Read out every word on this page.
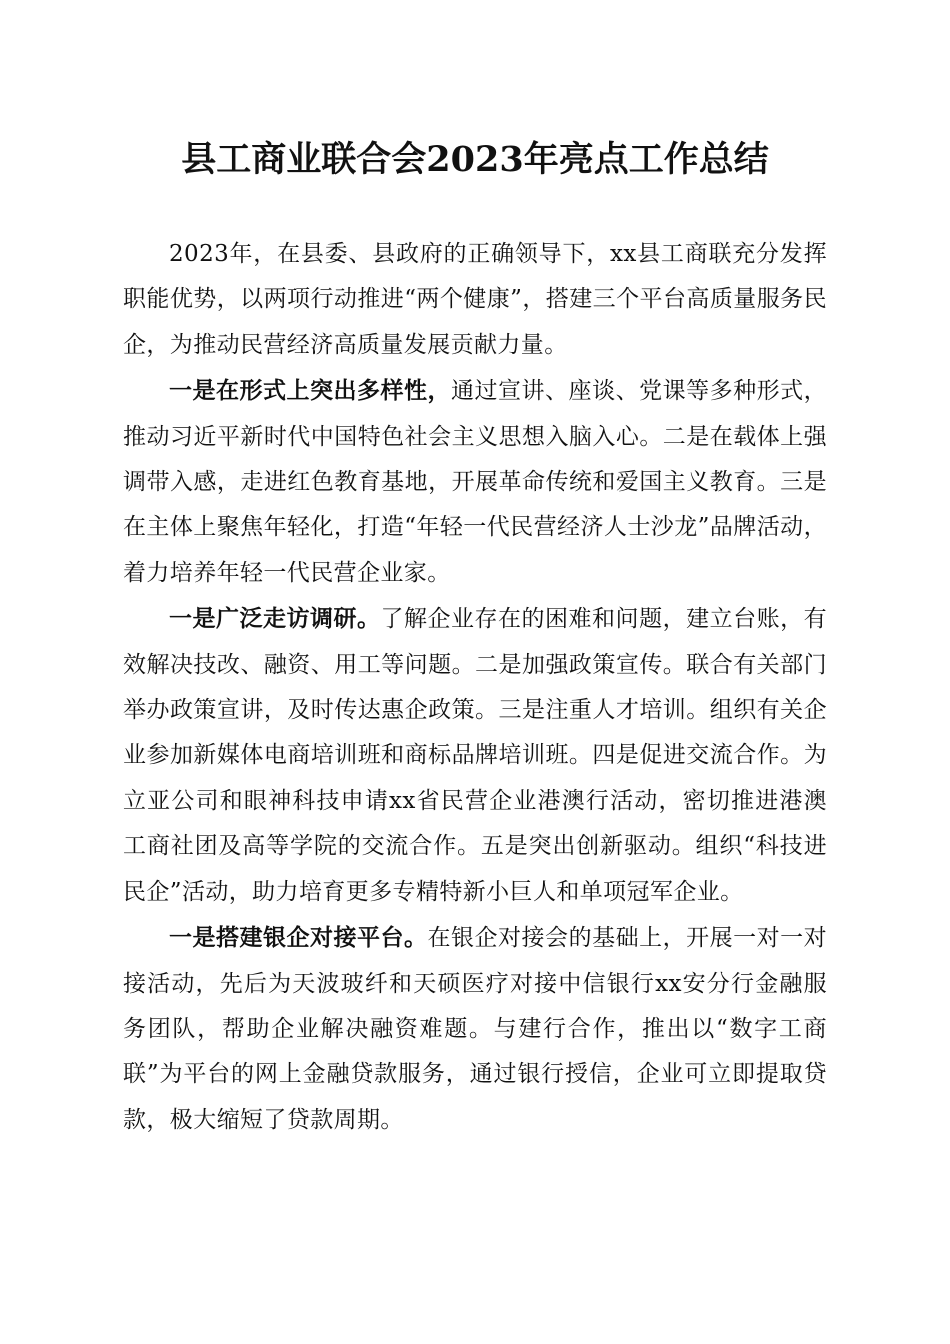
县工商业联合会2023年亮点工作总结

2023年，在县委、县政府的正确领导下，xx县工商联充分发挥职能优势，以两项行动推进“两个健康”，搭建三个平台高质量服务民企，为推动民营经济高质量发展贡献力量。

一是在形式上突出多样性，通过宣讲、座谈、党课等多种形式，推动习近平新时代中国特色社会主义思想入脑入心。二是在载体上强调带入感，走进红色教育基地，开展革命传统和爱国主义教育。三是在主体上聚焦年轻化，打造“年轻一代民营经济人士沙龙”品牌活动，着力培养年轻一代民营企业家。

一是广泛走访调研。了解企业存在的困难和问题，建立台账，有效解决技改、融资、用工等问题。二是加强政策宣传。联合有关部门举办政策宣讲，及时传达惠企政策。三是注重人才培训。组织有关企业参加新媒体电商培训班和商标品牌培训班。四是促进交流合作。为立亚公司和眼神科技申请xx省民营企业港澳行活动，密切推进港澳工商社团及高等学院的交流合作。五是突出创新驱动。组织“科技进民企”活动，助力培育更多专精特新小巨人和单项冠军企业。

一是搭建银企对接平台。在银企对接会的基础上，开展一对一对接活动，先后为天波玻纤和天硕医疗对接中信银行xx安分行金融服务团队，帮助企业解决融资难题。与建行合作，推出以“数字工商联”为平台的网上金融贷款服务，通过银行授信，企业可立即提取贷款，极大缩短了贷款周期。
